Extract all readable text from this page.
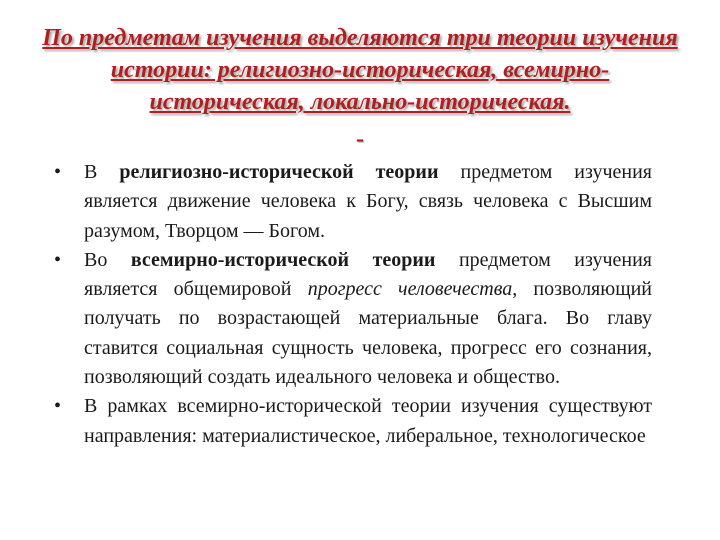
По предметам изучения выделяются три теории изучения истории: религиозно-историческая, всемирно-историческая, локально-историческая.
-
• В религиозно-исторической теории предметом изучения является движение человека к Богу, связь человека с Высшим разумом, Творцом — Богом.
• Во всемирно-исторической теории предметом изучения является общемировой прогресс человечества, позволяющий получать по возрастающей материальные блага. Во главу ставится социальная сущность человека, прогресс его сознания, позволяющий создать идеального человека и общество.
• В рамках всемирно-исторической теории изучения существуют направления: материалистическое, либеральное, технологическое
